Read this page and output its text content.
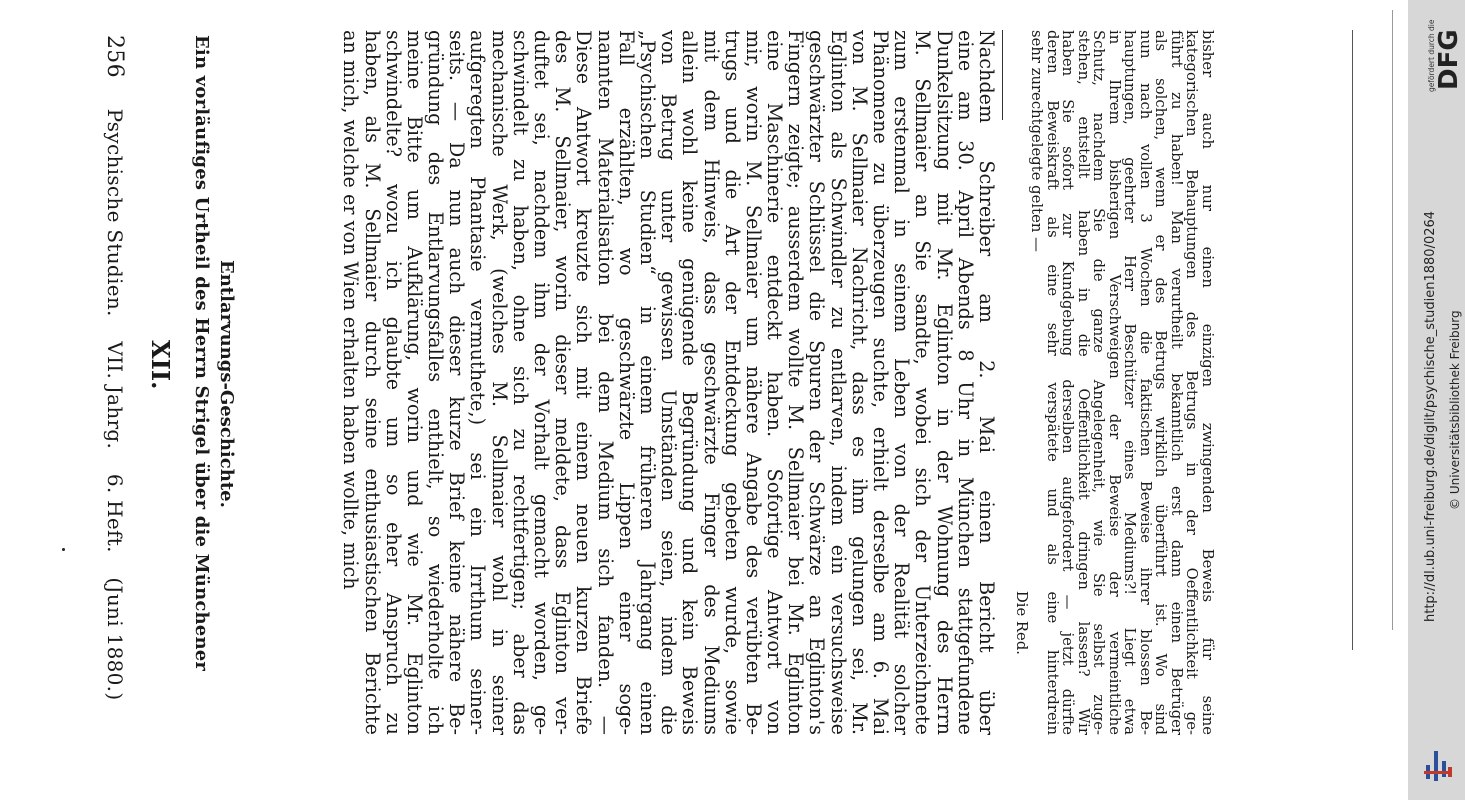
256 Psychische Studien. VII. Jahrg. 6. Heft. (Juni 1880.)
XII. Ein vorläufiges Urtheil des Herrn Strigel über die Münchener Entlarvungs-Geschichte.	Nachdem Schreiber am 2. Mai einen Bericht über
eine am 30. April Abends 8 Uhr in München stattgefundene
Dunkelsitzung mit Mr. Eglinton in der Wohnung des Herrn
M. Sellmaier an Sie sandte, wobei sich der Unterzeichnete
zum erstenmal in seinem Leben von der Realität solcher
Phänomene zu überzeugen suchte, erhielt derselbe am 6. Mai
von M. Sellmaier Nachricht, dass es ihm gelungen sei, Mr.
Eglinton als Schwindler zu entlarven, indem ein versuchsweise
geschwärzter Schlüssel die Spuren der Schwärze an Eglinton's
Fingern zeigte; ausserdem wollte M. Sellmaier bei Mr. Eglinton
eine Maschinerie entdeckt haben. Sofortige Antwort von
mir, worin M. Sellmaier um nähere Angabe des verübten Be-
trugs und die Art der Entdeckung gebeten wurde, sowie
mit dem Hinweis, dass geschwärzte Finger des Mediums
allein wohl keine genügende Begründung und kein Beweis
von Betrug unter gewissen Umständen seien, indem die
„Psychischen Studien“ in einem früheren Jahrgang einen
Fall erzählten, wo geschwärzte Lippen einer soge-
nannten Materialisation bei dem Medium sich fanden. —
Diese Antwort kreuzte sich mit einem neuen kurzen Briefe
des M. Sellmaier, worin dieser meldete, dass Eglinton ver-
duftet sei, nachdem ihm der Vorhalt gemacht worden, ge-
schwindelt zu haben, ohne sich zu rechtfertigen; aber das
mechanische Werk, (welches M. Sellmaier wohl in seiner
aufgeregten Phantasie vermuthete,) sei ein Irrthum seiner-
seits. — Da nun auch dieser kurze Brief keine nähere Be-
gründung des Entlarvungsfalles enthielt, so wiederholte ich
meine Bitte um Aufklärung, worin und wie Mr. Eglinton
schwindelte? wozu ich glaubte um so eher Anspruch zu
haben, als M. Sellmaier durch seine enthusiastischen Berichte
an mich, welche er von Wien erhalten haben wollte, mich	bisher auch nur einen einzigen zwingenden Beweis für seine
kategorischen Behauptungen des Betrugs in der Oeffentlichkeit ge-
führt zu haben! Man verurtheilt bekanntlich erst dann einen Betrüger
als solchen, wenn er des Betrugs wirklich überführt ist. Wo sind
nun nach vollen 3 Wochen die faktischen Beweise ihrer blossen Be-
hauptungen, geehrter Herr Beschützer eines Mediums?! Liegt etwa
in Ihrem bisherigen Verschweigen der Beweise der vermeintliche
Schutz, nachdem Sie die ganze Angelegenheit, wie Sie selbst zuge-
stehen, entstellt haben in die Oeffentlichkeit dringen lassen? Wir
haben Sie sofort zur Kundgebung derselben aufgefordert — jetzt dürfte
deren Beweiskraft als eine sehr verspätete und als eine hinterdrein
sehr zurechtgelegte gelten —
Die Red.
http://dl.ub.uni-freiburg.de/diglit/psychische_studien1880/0264 © Universitätsbibliothek Freiburg
gefördert durch die
DFG
